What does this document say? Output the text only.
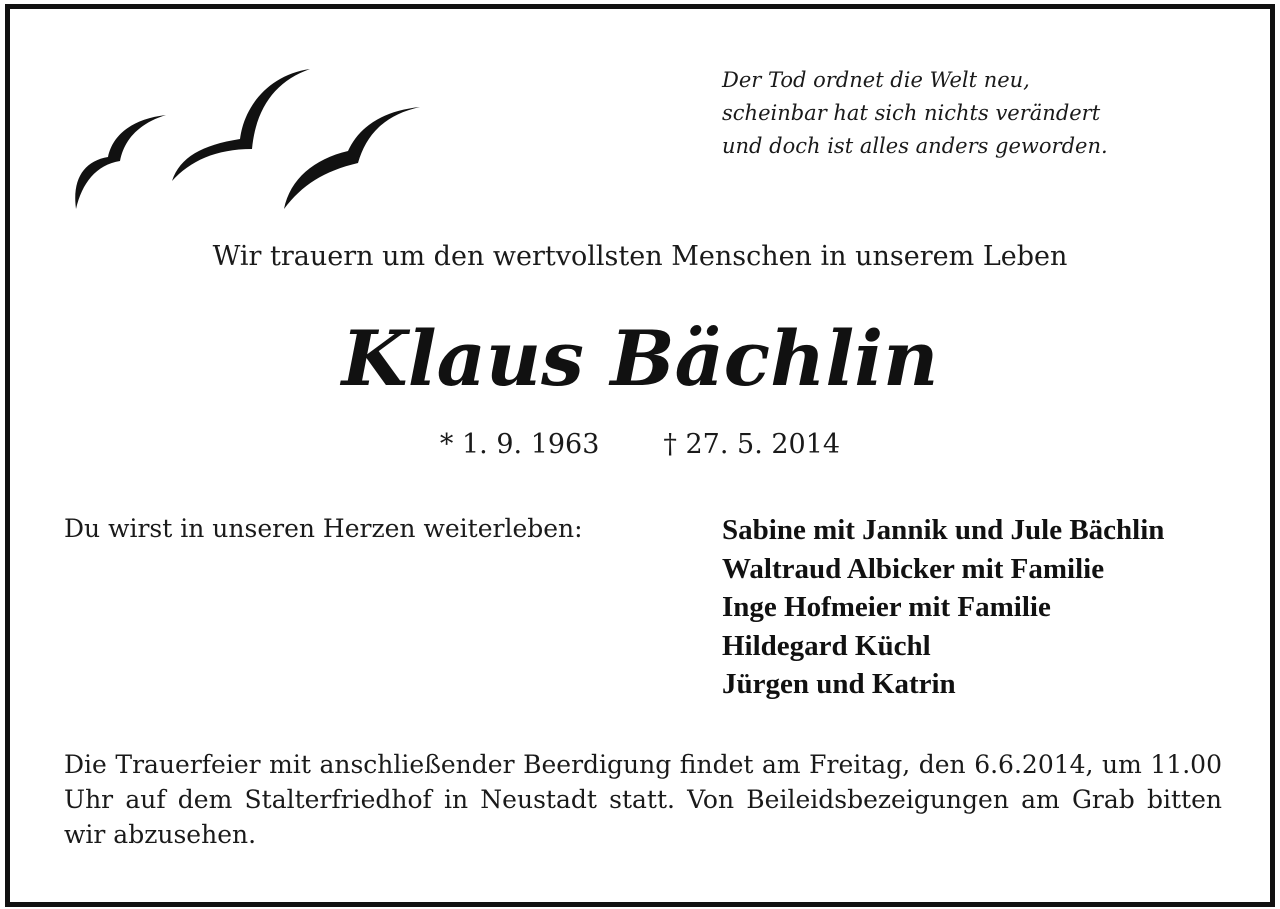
Der Tod ordnet die Welt neu,
scheinbar hat sich nichts verändert
und doch ist alles anders geworden.
Wir trauern um den wertvollsten Menschen in unserem Leben
Klaus Bächlin
* 1. 9. 1963 † 27. 5. 2014
Du wirst in unseren Herzen weiterleben:	Sabine mit Jannik und Jule Bächlin
Waltraud Albicker mit Familie
Inge Hofmeier mit Familie
Hildegard Küchl
Jürgen und Katrin
Die Trauerfeier mit anschließender Beerdigung findet am Freitag, den 6.6.2014, um 11.00 Uhr auf dem Stalterfriedhof in Neustadt statt. Von Beileidsbezeigungen am Grab bitten wir abzusehen.
